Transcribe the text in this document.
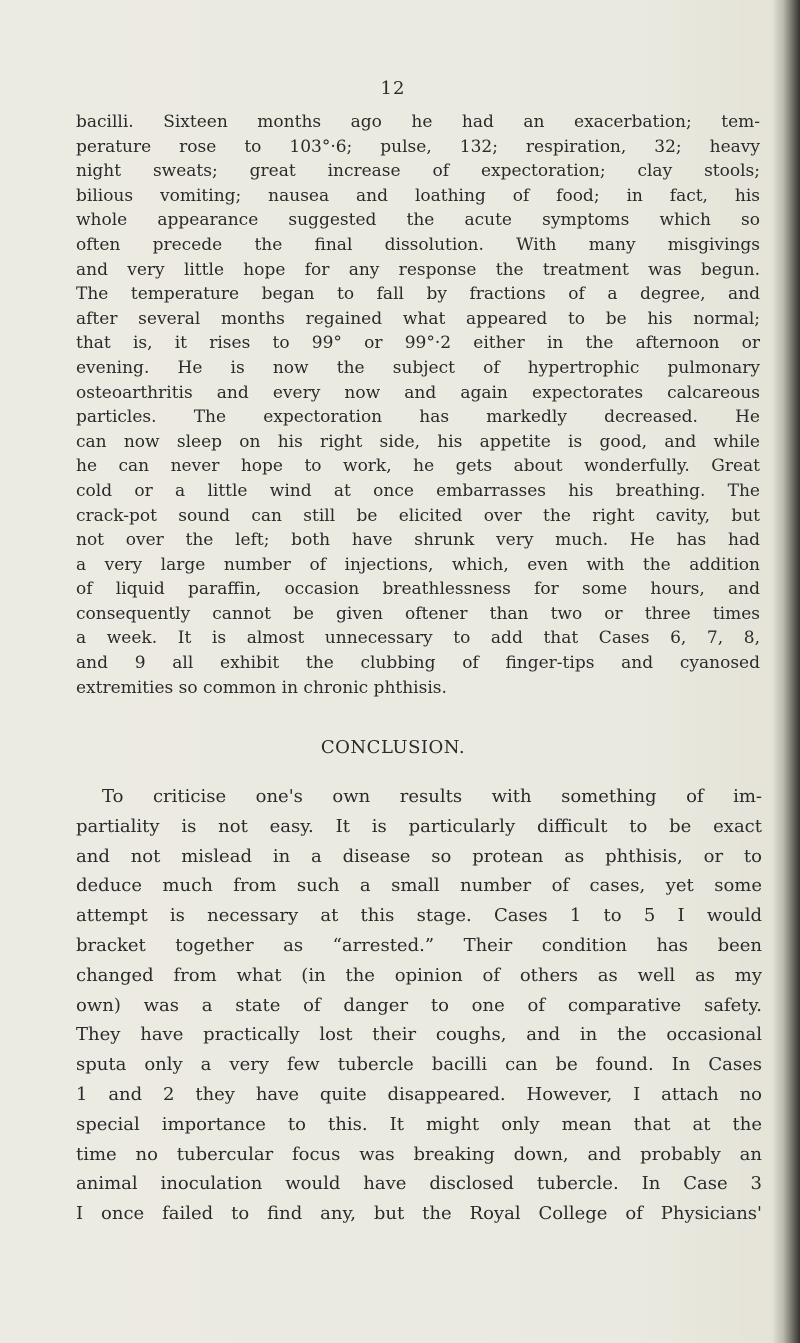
12
bacilli. Sixteen months ago he had an exacerbation; tem-
perature rose to 103°·6; pulse, 132; respiration, 32; heavy
night sweats; great increase of expectoration; clay stools;
bilious vomiting; nausea and loathing of food; in fact, his
whole appearance suggested the acute symptoms which so
often precede the final dissolution. With many misgivings
and very little hope for any response the treatment was begun.
The temperature began to fall by fractions of a degree, and
after several months regained what appeared to be his normal;
that is, it rises to 99° or 99°·2 either in the afternoon or
evening. He is now the subject of hypertrophic pulmonary
osteoarthritis and every now and again expectorates calcareous
particles. The expectoration has markedly decreased. He
can now sleep on his right side, his appetite is good, and while
he can never hope to work, he gets about wonderfully. Great
cold or a little wind at once embarrasses his breathing. The
crack-pot sound can still be elicited over the right cavity, but
not over the left; both have shrunk very much. He has had
a very large number of injections, which, even with the addition
of liquid paraffin, occasion breathlessness for some hours, and
consequently cannot be given oftener than two or three times
a week. It is almost unnecessary to add that Cases 6, 7, 8,
and 9 all exhibit the clubbing of finger-tips and cyanosed
extremities so common in chronic phthisis.
CONCLUSION.
To criticise one's own results with something of im-
partiality is not easy. It is particularly difficult to be exact
and not mislead in a disease so protean as phthisis, or to
deduce much from such a small number of cases, yet some
attempt is necessary at this stage. Cases 1 to 5 I would
bracket together as “arrested.” Their condition has been
changed from what (in the opinion of others as well as my
own) was a state of danger to one of comparative safety.
They have practically lost their coughs, and in the occasional
sputa only a very few tubercle bacilli can be found. In Cases
1 and 2 they have quite disappeared. However, I attach no
special importance to this. It might only mean that at the
time no tubercular focus was breaking down, and probably an
animal inoculation would have disclosed tubercle. In Case 3
I once failed to find any, but the Royal College of Physicians'
